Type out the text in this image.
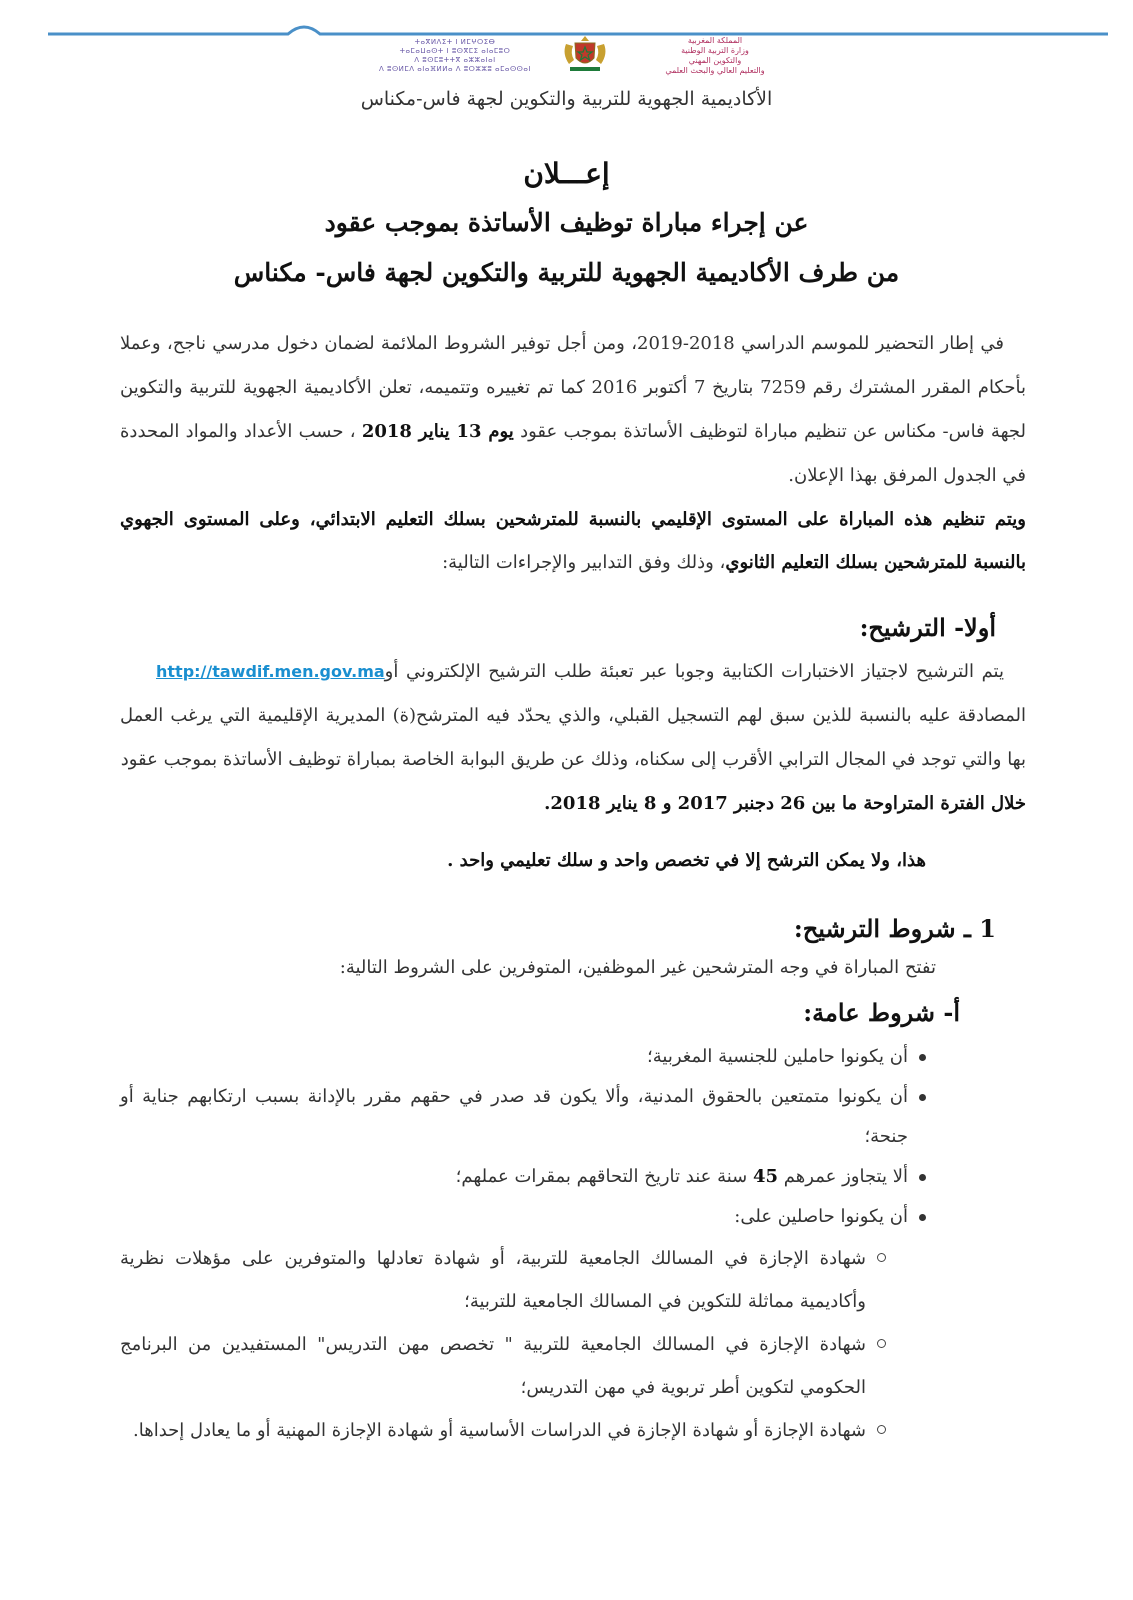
ⵜⴰⴳⵍⴷⵉⵜ ⵏ ⵍⵎⵖⵔⵉⴱ
ⵜⴰⵎⴰⵡⴰⵙⵜ ⵏ ⵓⵙⴳⵎⵉ ⴰⵏⴰⵎⵓⵔ
ⴷ ⵓⵙⵎⵓⵜⵜⴳ ⴰⵣⵣⴰⵏⴰⵏ
ⴷ ⵓⵙⵍⵎⴷ ⴰⵏⴰⴼⵍⵍⴰ ⴷ ⵓⵔⵣⵣⵓ ⴰⵎⴰⵙⵙⴰⵏ
المملكة المغربية
وزارة التربية الوطنية
والتكوين المهني
والتعليم العالي والبحث العلمي
الأكاديمية الجهوية للتربية والتكوين لجهة فاس-مكناس
إعـــلان
عن إجراء مباراة توظيف الأساتذة بموجب عقود
من طرف الأكاديمية الجهوية للتربية والتكوين لجهة فاس- مكناس

في إطار التحضير للموسم الدراسي 2018-2019، ومن أجل توفير الشروط الملائمة لضمان دخول مدرسي ناجح، وعملا بأحكام المقرر المشترك رقم 7259 بتاريخ 7 أكتوبر 2016 كما تم تغييره وتتميمه، تعلن الأكاديمية الجهوية للتربية والتكوين لجهة فاس- مكناس عن تنظيم مباراة لتوظيف الأساتذة بموجب عقود يوم 13 يناير 2018 ، حسب الأعداد والمواد المحددة في الجدول المرفق بهذا الإعلان.

ويتم تنظيم هذه المباراة على المستوى الإقليمي بالنسبة للمترشحين بسلك التعليم الابتدائي، وعلى المستوى الجهوي بالنسبة للمترشحين بسلك التعليم الثانوي، وذلك وفق التدابير والإجراءات التالية:

أولا- الترشيح:

http://tawdif.men.gov.ma يتم الترشيح لاجتياز الاختبارات الكتابية وجوبا عبر تعبئة طلب الترشيح الإلكتروني أو المصادقة عليه بالنسبة للذين سبق لهم التسجيل القبلي، والذي يحدّد فيه المترشح(ة) المديرية الإقليمية التي يرغب العمل بها والتي توجد في المجال الترابي الأقرب إلى سكناه، وذلك عن طريق البوابة الخاصة بمباراة توظيف الأساتذة بموجب عقود

خلال الفترة المتراوحة ما بين 26 دجنبر 2017 و 8 يناير 2018.

هذا، ولا يمكن الترشح إلا في تخصص واحد و سلك تعليمي واحد .

1 ـ شروط الترشيح:

تفتح المباراة في وجه المترشحين غير الموظفين، المتوفرين على الشروط التالية:

أ- شروط عامة:
أن يكونوا حاملين للجنسية المغربية؛
أن يكونوا متمتعين بالحقوق المدنية، وألا يكون قد صدر في حقهم مقرر بالإدانة بسبب ارتكابهم جناية أو جنحة؛
ألا يتجاوز عمرهم 45 سنة عند تاريخ التحاقهم بمقرات عملهم؛
أن يكونوا حاصلين على:
شهادة الإجازة في المسالك الجامعية للتربية، أو شهادة تعادلها والمتوفرين على مؤهلات نظرية وأكاديمية مماثلة للتكوين في المسالك الجامعية للتربية؛
شهادة الإجازة في المسالك الجامعية للتربية " تخصص مهن التدريس" المستفيدين من البرنامج الحكومي لتكوين أطر تربوية في مهن التدريس؛
شهادة الإجازة أو شهادة الإجازة في الدراسات الأساسية أو شهادة الإجازة المهنية أو ما يعادل إحداها.
